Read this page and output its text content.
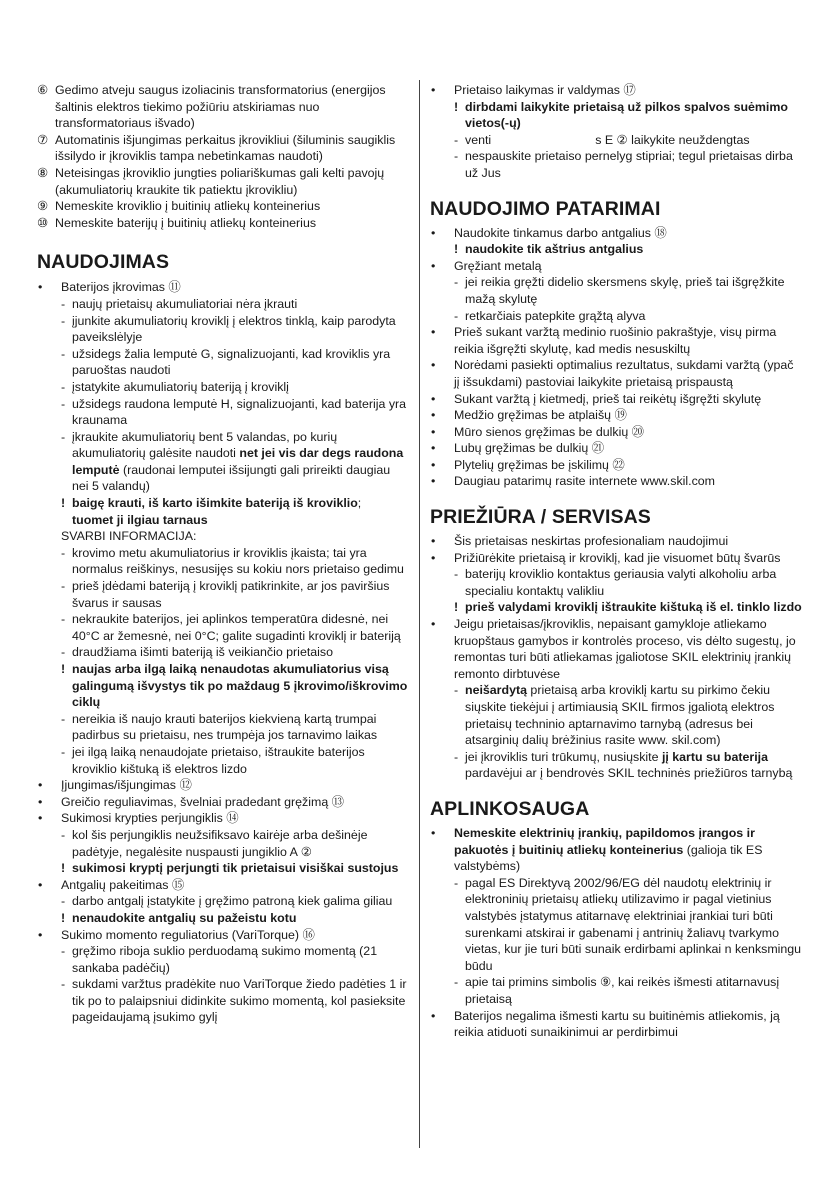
⑥ Gedimo atveju saugus izoliacinis transformatorius (energijos šaltinis elektros tiekimo požiūriu atskiriamas nuo transformatoriaus išvado)
⑦ Automatinis išjungimas perkaitus įkrovikliui (šiluminis saugiklis išsilydo ir įkroviklis tampa nebetinkamas naudoti)
⑧ Neteisingas įkroviklio jungties poliariškumas gali kelti pavojų (akumuliatorių kraukite tik patiektu įkrovikliu)
⑨ Nemeskite kroviklio į buitinių atliekų konteinerius
⑩ Nemeskite baterijų į buitinių atliekų konteinerius
NAUDOJIMAS
• Baterijos įkrovimas ⑪
- naujų prietaisų akumuliatoriai nėra įkrauti
- įjunkite akumuliatorių kroviklį į elektros tinklą, kaip parodyta paveikslėlyje
- užsidegs žalia lemputė G, signalizuojanti, kad kroviklis yra paruoštas naudoti
- įstatykite akumuliatorių bateriją į kroviklį
- užsidegs raudona lemputė H, signalizuojanti, kad baterija yra kraunama
- įkraukite akumuliatorių bent 5 valandas, po kurių akumuliatorių galėsite naudoti net jei vis dar degs raudona lemputė (raudonai lemputei išsijungti gali prireikti daugiau nei 5 valandų)
! baigę krauti, iš karto išimkite bateriją iš kroviklio;
tuomet ji ilgiau tarnaus
SVARBI INFORMACIJA:
- krovimo metu akumuliatorius ir kroviklis įkaista; tai yra normalus reiškinys, nesusijęs su kokiu nors prietaiso gedimu
- prieš įdėdami bateriją į kroviklį patikrinkite, ar jos paviršius švarus ir sausas
- nekraukite baterijos, jei aplinkos temperatūra didesnė, nei 40°C ar žemesnė, nei 0°C; galite sugadinti kroviklį ir bateriją
- draudžiama išimti bateriją iš veikiančio prietaiso
! naujas arba ilgą laiką nenaudotas akumuliatorius visą galingumą išvystys tik po maždaug 5 įkrovimo/iškrovimo ciklų
- nereikia iš naujo krauti baterijos kiekvieną kartą trumpai padirbus su prietaisu, nes trumpėja jos tarnavimo laikas
- jei ilgą laiką nenaudojate prietaiso, ištraukite baterijos kroviklio kištuką iš elektros lizdo
• Įjungimas/išjungimas ⑫
• Greičio reguliavimas, švelniai pradedant gręžimą ⑬
• Sukimosi krypties perjungiklis ⑭
- kol šis perjungiklis neužsifiksavo kairėje arba dešinėje padėtyje, negalėsite nuspausti jungiklio A ②
! sukimosi kryptį perjungti tik prietaisui visiškai sustojus
• Antgalių pakeitimas ⑮
- darbo antgalį įstatykite į gręžimo patroną kiek galima giliau
! nenaudokite antgalių su pažeistu kotu
• Sukimo momento reguliatorius (VariTorque) ⑯
- gręžimo riboja suklio perduodamą sukimo momentą (21 sankaba padėčių)
- sukdami varžtus pradėkite nuo VariTorque žiedo padėties 1 ir tik po to palaipsniui didinkite sukimo momentą, kol pasieksite pageidaujamą įsukimo gylį
• Prietaiso laikymas ir valdymas ⑰
! dirbdami laikykite prietaisą už pilkos spalvos suėmimo vietos(-ų)
- venti	s E ② laikykite neuždengtas
- nespauskite prietaiso pernelyg stipriai; tegul prietaisas dirba už Jus
NAUDOJIMO PATARIMAI
• Naudokite tinkamus darbo antgalius ⑱
! naudokite tik aštrius antgalius
• Gręžiant metalą
- jei reikia gręžti didelio skersmens skylę, prieš tai išgręžkite mažą skylutę
- retkarčiais patepkite grąžtą alyva
• Prieš sukant varžtą medinio ruošinio pakraštyje, visų pirma reikia išgręžti skylutę, kad medis nesuskiltų
• Norėdami pasiekti optimalius rezultatus, sukdami varžtą (ypač jį išsukdami) pastoviai laikykite prietaisą prispaustą
• Sukant varžtą į kietmedį, prieš tai reikėtų išgręžti skylutę
• Medžio gręžimas be atplaišų ⑲
• Mūro sienos gręžimas be dulkių ⑳
• Lubų gręžimas be dulkių ㉑
• Plytelių gręžimas be įskilimų ㉒
• Daugiau patarimų rasite internete www.skil.com
PRIEŽIŪRA / SERVISAS
• Šis prietaisas neskirtas profesionaliam naudojimui
• Prižiūrėkite prietaisą ir kroviklį, kad jie visuomet būtų švarūs
- baterijų kroviklio kontaktus geriausia valyti alkoholiu arba specialiu kontaktų valikliu
! prieš valydami kroviklį ištraukite kištuką iš el. tinklo lizdo
• Jeigu prietaisas/įkroviklis, nepaisant gamykloje atliekamo kruopštaus gamybos ir kontrolės proceso, vis dėlto sugestų, jo remontas turi būti atliekamas įgaliotose SKIL elektrinių įrankių remonto dirbtuvėse
- neišardytą prietaisą arba kroviklį kartu su pirkimo čekiu siųskite tiekėjui į artimiausią SKIL firmos įgaliotą elektros prietaisų techninio aptarnavimo tarnybą (adresus bei atsarginių dalių brėžinius rasite www. skil.com)
- jei įkroviklis turi trūkumų, nusiųskite jį kartu su baterija pardavėjui ar į bendrovės SKIL techninės priežiūros tarnybą
APLINKOSAUGA
• Nemeskite elektrinių įrankių, papildomos įrangos ir pakuotės į buitinių atliekų konteinerius (galioja tik ES valstybėms)
- pagal ES Direktyvą 2002/96/EG dėl naudotų elektrinių ir elektroninių prietaisų atliekų utilizavimo ir pagal vietinius valstybės įstatymus atitarnavę elektriniai įrankiai turi būti surenkami atskirai ir gabenami į antrinių žaliavų tvarkymo vietas, kur jie turi būti sunaik erdirbami aplinkai n kenksmingu būdu
- apie tai primins simbolis ⑨, kai reikės išmesti atitarnavusį prietaisą
• Baterijos negalima išmesti kartu su buitinėmis atliekomis, ją reikia atiduoti sunaikinimui ar perdirbimui
